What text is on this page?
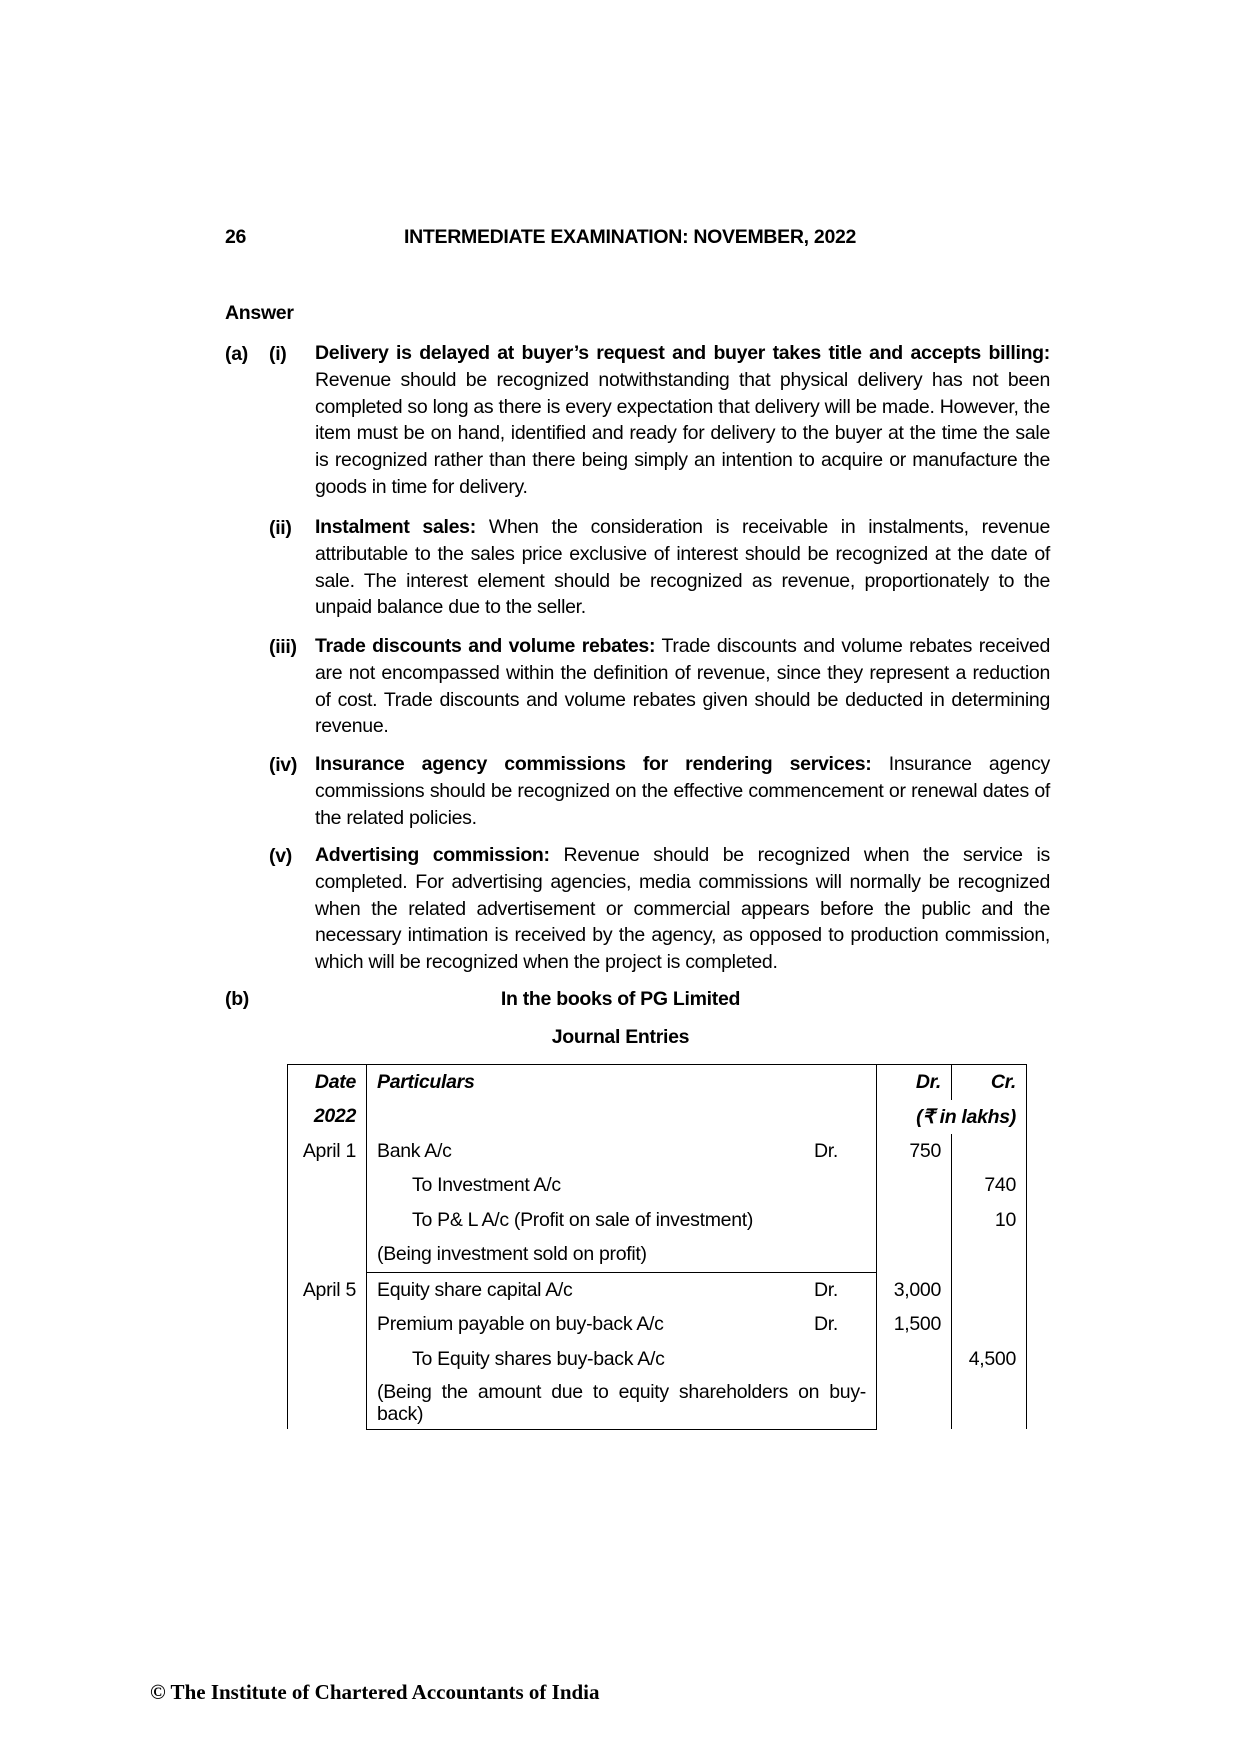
26	INTERMEDIATE EXAMINATION: NOVEMBER, 2022
Answer
(a) (i) Delivery is delayed at buyer’s request and buyer takes title and accepts billing: Revenue should be recognized notwithstanding that physical delivery has not been completed so long as there is every expectation that delivery will be made. However, the item must be on hand, identified and ready for delivery to the buyer at the time the sale is recognized rather than there being simply an intention to acquire or manufacture the goods in time for delivery.
(ii) Instalment sales: When the consideration is receivable in instalments, revenue attributable to the sales price exclusive of interest should be recognized at the date of sale. The interest element should be recognized as revenue, proportionately to the unpaid balance due to the seller.
(iii) Trade discounts and volume rebates: Trade discounts and volume rebates received are not encompassed within the definition of revenue, since they represent a reduction of cost. Trade discounts and volume rebates given should be deducted in determining revenue.
(iv) Insurance agency commissions for rendering services: Insurance agency commissions should be recognized on the effective commencement or renewal dates of the related policies.
(v) Advertising commission: Revenue should be recognized when the service is completed. For advertising agencies, media commissions will normally be recognized when the related advertisement or commercial appears before the public and the necessary intimation is received by the agency, as opposed to production commission, which will be recognized when the project is completed.
(b)	In the books of PG Limited
Journal Entries
Date	Particulars	Dr.	Cr.
2022		(₹ in lakhs)	
April 1	Bank A/c Dr.	750	
	To Investment A/c		740
	To P& L A/c (Profit on sale of investment)		10
	(Being investment sold on profit)		
April 5	Equity share capital A/c Dr.	3,000	
	Premium payable on buy-back A/c Dr.	1,500	
	To Equity shares buy-back A/c		4,500
	(Being the amount due to equity shareholders on buy-back)		
© The Institute of Chartered Accountants of India
